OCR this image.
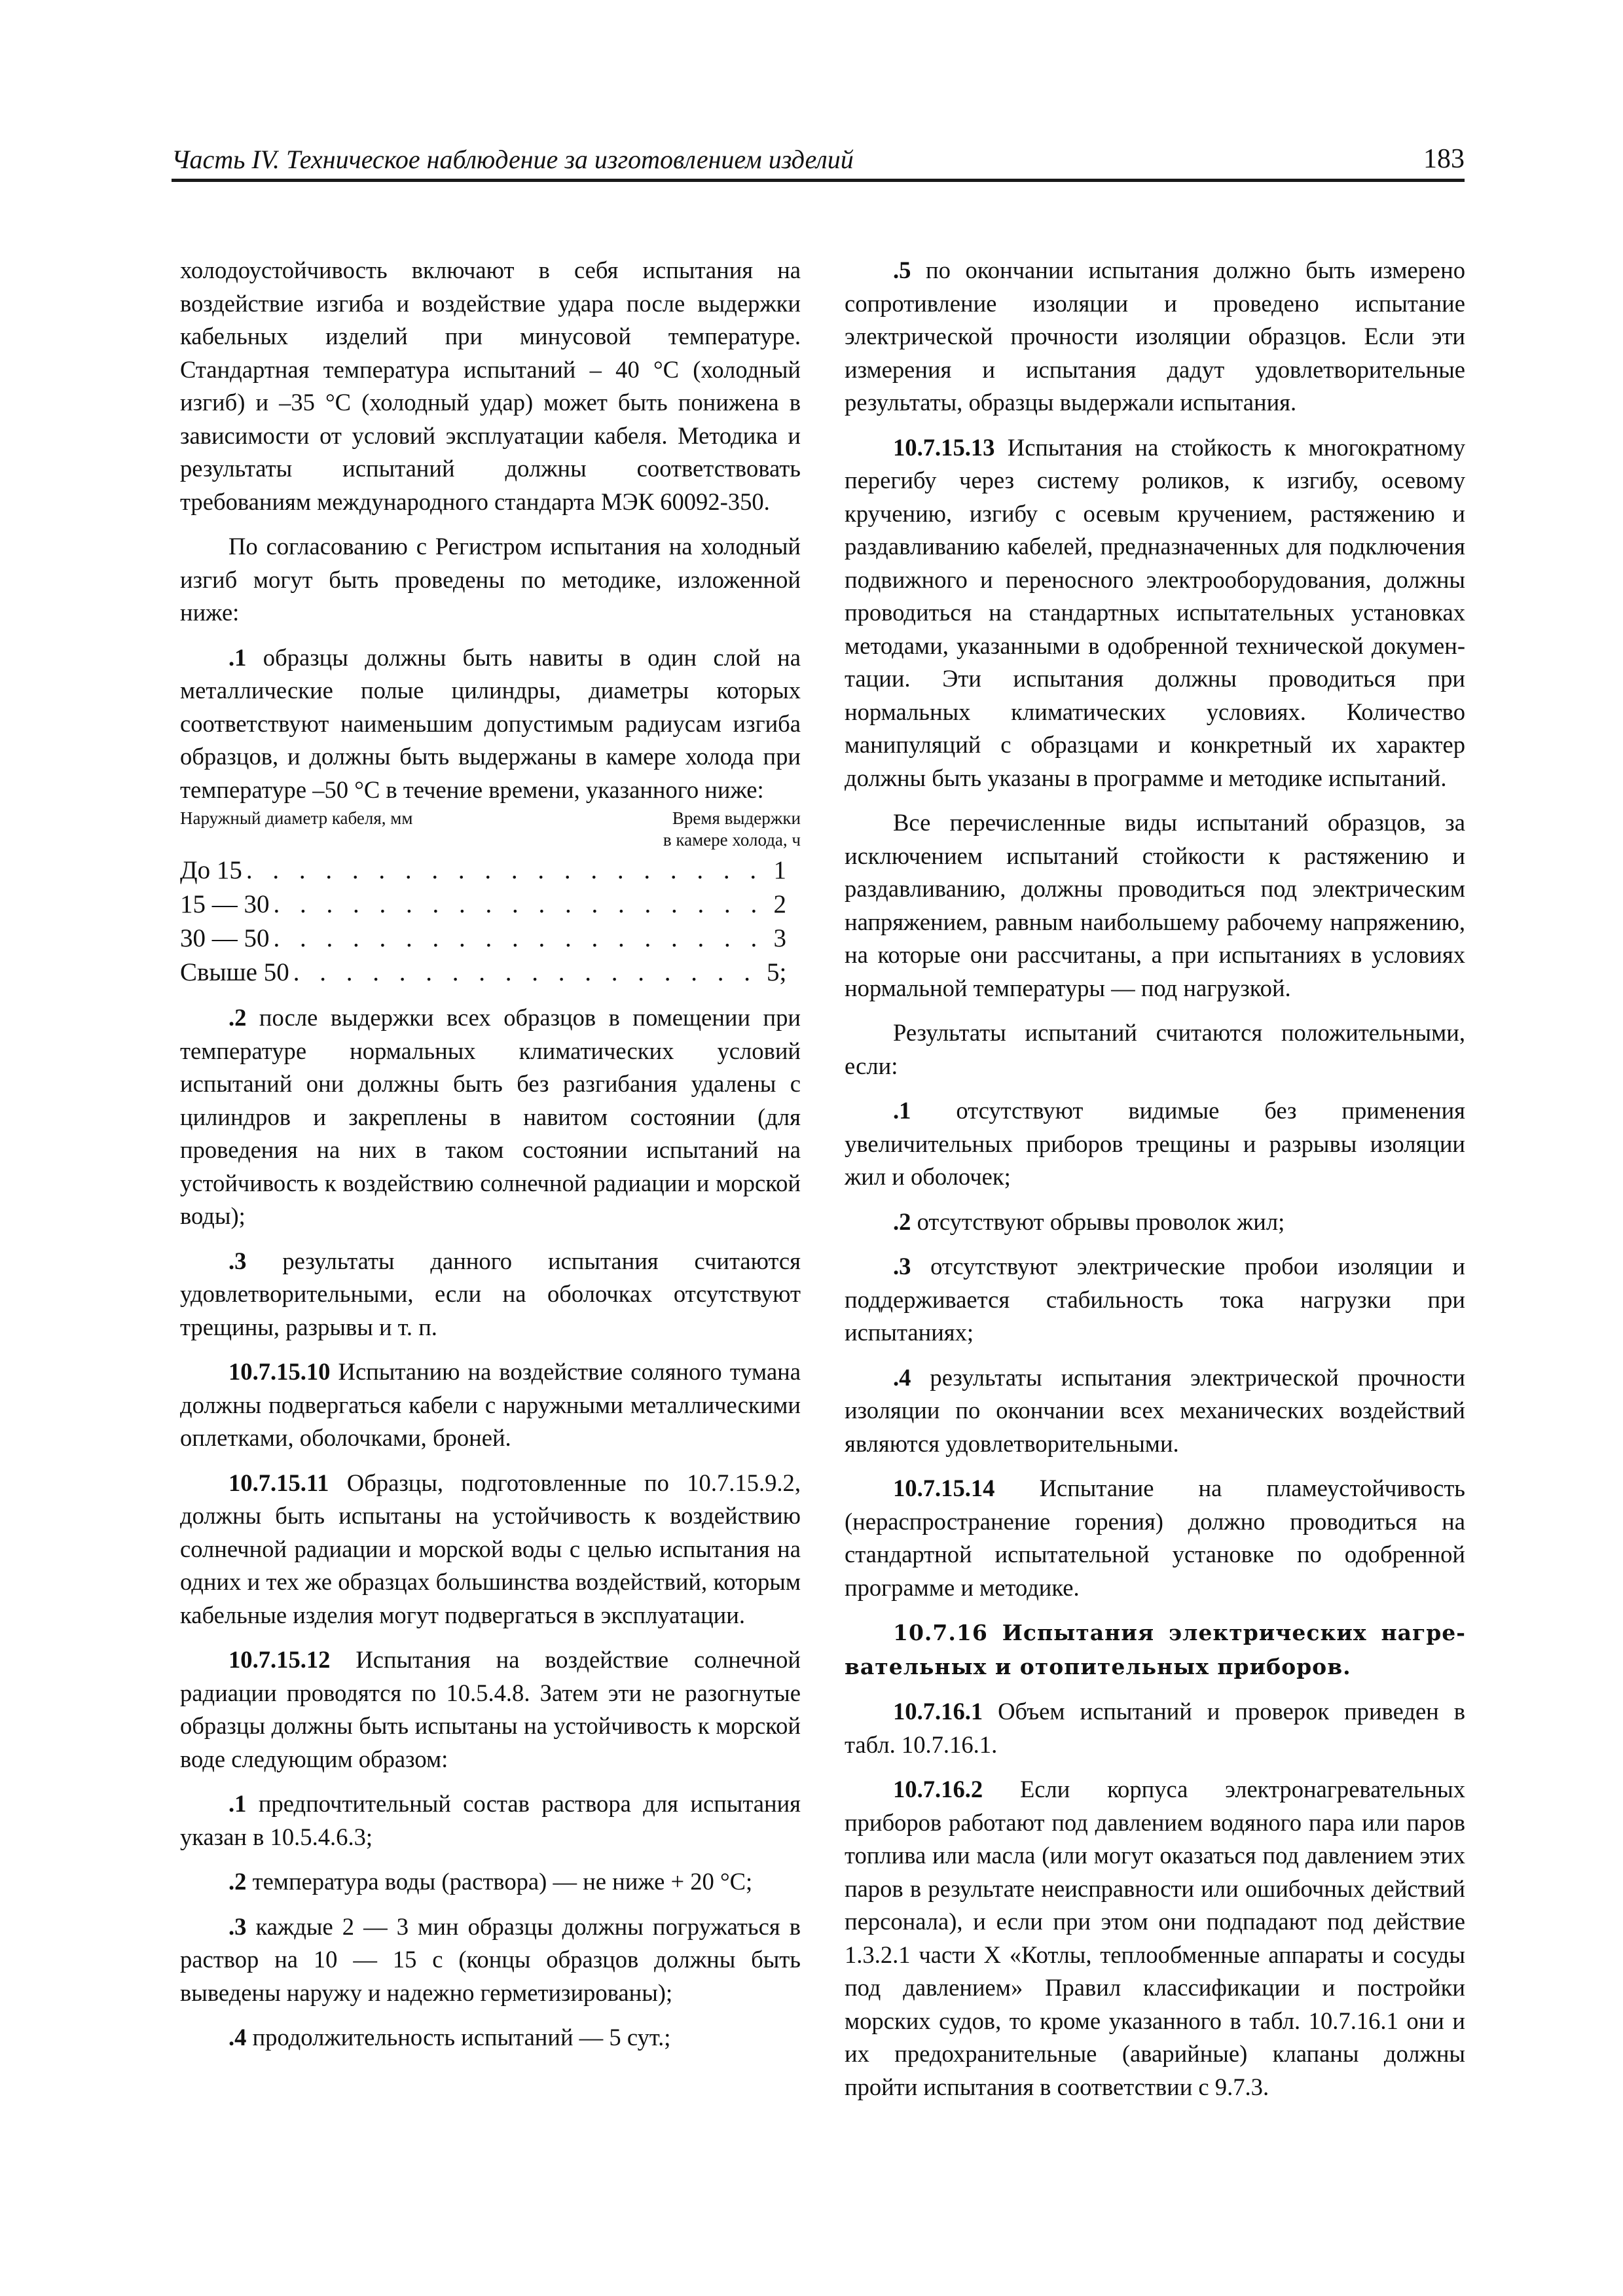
Часть IV. Техническое наблюдение за изготовлением изделий	183

холодоустойчивость включают в себя испытания на воздействие изгиба и воздействие удара после выдержки кабельных изделий при минусовой температуре. Стандартная температура испытаний – 40 °С (холодный изгиб) и –35 °С (холодный удар) может быть понижена в зависимости от условий эксплуатации кабеля. Методика и результаты испытаний должны соответствовать требованиям международного стандарта МЭК 60092-350.

По согласованию с Регистром испытания на холодный изгиб могут быть проведены по методике, изложенной ниже:

.1 образцы должны быть навиты в один слой на металлические полые цилиндры, диаметры которых соответствуют наименьшим допустимым радиусам изгиба образцов, и должны быть выдержаны в камере холода при температуре –50 °С в течение времени, указанного ниже:

Наружный диаметр кабеля, мм	Время выдержки
в камере холода, ч
До 15 . . .	1
15 — 30 . . .	2
30 — 50 . . .	3
Свыше 50 . . .	5;

.2 после выдержки всех образцов в помещении при температуре нормальных климатических условий испытаний они должны быть без разгибания удалены с цилиндров и закреплены в навитом состоянии (для проведения на них в таком состоянии испытаний на устойчивость к воздействию солнечной радиации и морской воды);

.3 результаты данного испытания считаются удовлетворительными, если на оболочках отсутствуют трещины, разрывы и т. п.

10.7.15.10 Испытанию на воздействие соляного тумана должны подвергаться кабели с наружными металлическими оплетками, оболочками, броней.

10.7.15.11 Образцы, подготовленные по 10.7.15.9.2, должны быть испытаны на устойчивость к воздействию солнечной радиации и морской воды с целью испытания на одних и тех же образцах большинства воздействий, которым кабельные изделия могут подвергаться в эксплуатации.

10.7.15.12 Испытания на воздействие солнечной радиации проводятся по 10.5.4.8. Затем эти не разогнутые образцы должны быть испытаны на устойчивость к морской воде следующим образом:

.1 предпочтительный состав раствора для испытания указан в 10.5.4.6.3;

.2 температура воды (раствора) — не ниже + 20 °С;

.3 каждые 2 — 3 мин образцы должны погружаться в раствор на 10 — 15 с (концы образцов должны быть выведены наружу и надежно герметизированы);

.4 продолжительность испытаний — 5 сут.;

.5 по окончании испытания должно быть измерено сопротивление изоляции и проведено испытание электрической прочности изоляции образцов. Если эти измерения и испытания дадут удовлетворительные результаты, образцы выдержали испытания.

10.7.15.13 Испытания на стойкость к многократному перегибу через систему роликов, к изгибу, осевому кручению, изгибу с осевым кручением, растяжению и раздавливанию кабелей, предназначенных для подключения подвижного и переносного электрооборудования, должны проводиться на стандартных испытательных установках методами, указанными в одобренной технической документации. Эти испытания должны проводиться при нормальных климатических условиях. Количество манипуляций с образцами и конкретный их характер должны быть указаны в программе и методике испытаний.

Все перечисленные виды испытаний образцов, за исключением испытаний стойкости к растяжению и раздавливанию, должны проводиться под электрическим напряжением, равным наибольшему рабочему напряжению, на которые они рассчитаны, а при испытаниях в условиях нормальной температуры — под нагрузкой.

Результаты испытаний считаются положительными, если:

.1 отсутствуют видимые без применения увеличительных приборов трещины и разрывы изоляции жил и оболочек;

.2 отсутствуют обрывы проволок жил;

.3 отсутствуют электрические пробои изоляции и поддерживается стабильность тока нагрузки при испытаниях;

.4 результаты испытания электрической прочности изоляции по окончании всех механических воздействий являются удовлетворительными.

10.7.15.14 Испытание на пламеустойчивость (нераспространение горения) должно проводиться на стандартной испытательной установке по одобренной программе и методике.

10.7.16 Испытания электрических нагревательных и отопительных приборов.

10.7.16.1 Объем испытаний и проверок приведен в табл. 10.7.16.1.

10.7.16.2 Если корпуса электронагревательных приборов работают под давлением водяного пара или паров топлива или масла (или могут оказаться под давлением этих паров в результате неисправности или ошибочных действий персонала), и если при этом они подпадают под действие 1.3.2.1 части X «Котлы, теплообменные аппараты и сосуды под давлением» Правил классификации и постройки морских судов, то кроме указанного в табл. 10.7.16.1 они и их предохранительные (аварийные) клапаны должны пройти испытания в соответствии с 9.7.3.
